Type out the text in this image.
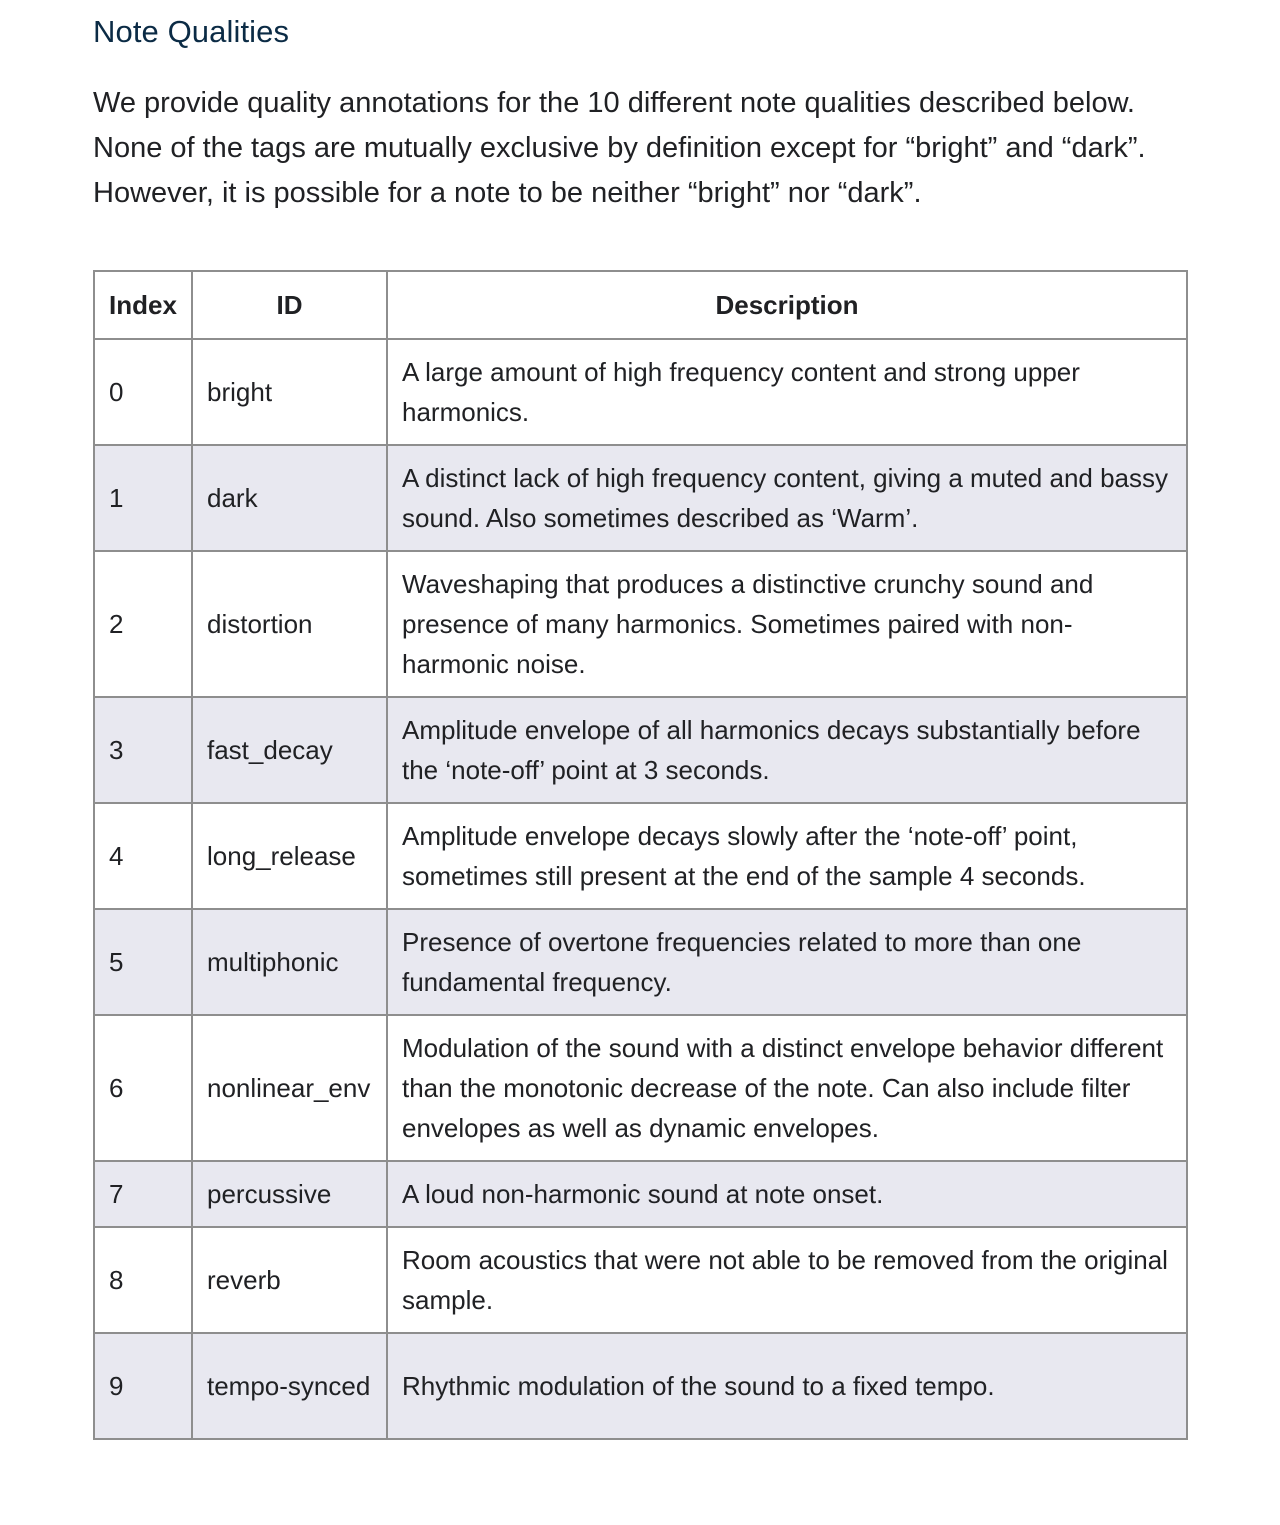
Note Qualities

We provide quality annotations for the 10 different note qualities described below. None of the tags are mutually exclusive by definition except for “bright” and “dark”. However, it is possible for a note to be neither “bright” nor “dark”.

Index	ID	Description
0	bright	A large amount of high frequency content and strong upper harmonics.
1	dark	A distinct lack of high frequency content, giving a muted and bassy sound. Also sometimes described as ‘Warm’.
2	distortion	Waveshaping that produces a distinctive crunchy sound and presence of many harmonics. Sometimes paired with non-harmonic noise.
3	fast_decay	Amplitude envelope of all harmonics decays substantially before the ‘note-off’ point at 3 seconds.
4	long_release	Amplitude envelope decays slowly after the ‘note-off’ point, sometimes still present at the end of the sample 4 seconds.
5	multiphonic	Presence of overtone frequencies related to more than one fundamental frequency.
6	nonlinear_env	Modulation of the sound with a distinct envelope behavior different than the monotonic decrease of the note. Can also include filter envelopes as well as dynamic envelopes.
7	percussive	A loud non-harmonic sound at note onset.
8	reverb	Room acoustics that were not able to be removed from the original sample.
9	tempo-synced	Rhythmic modulation of the sound to a fixed tempo.
